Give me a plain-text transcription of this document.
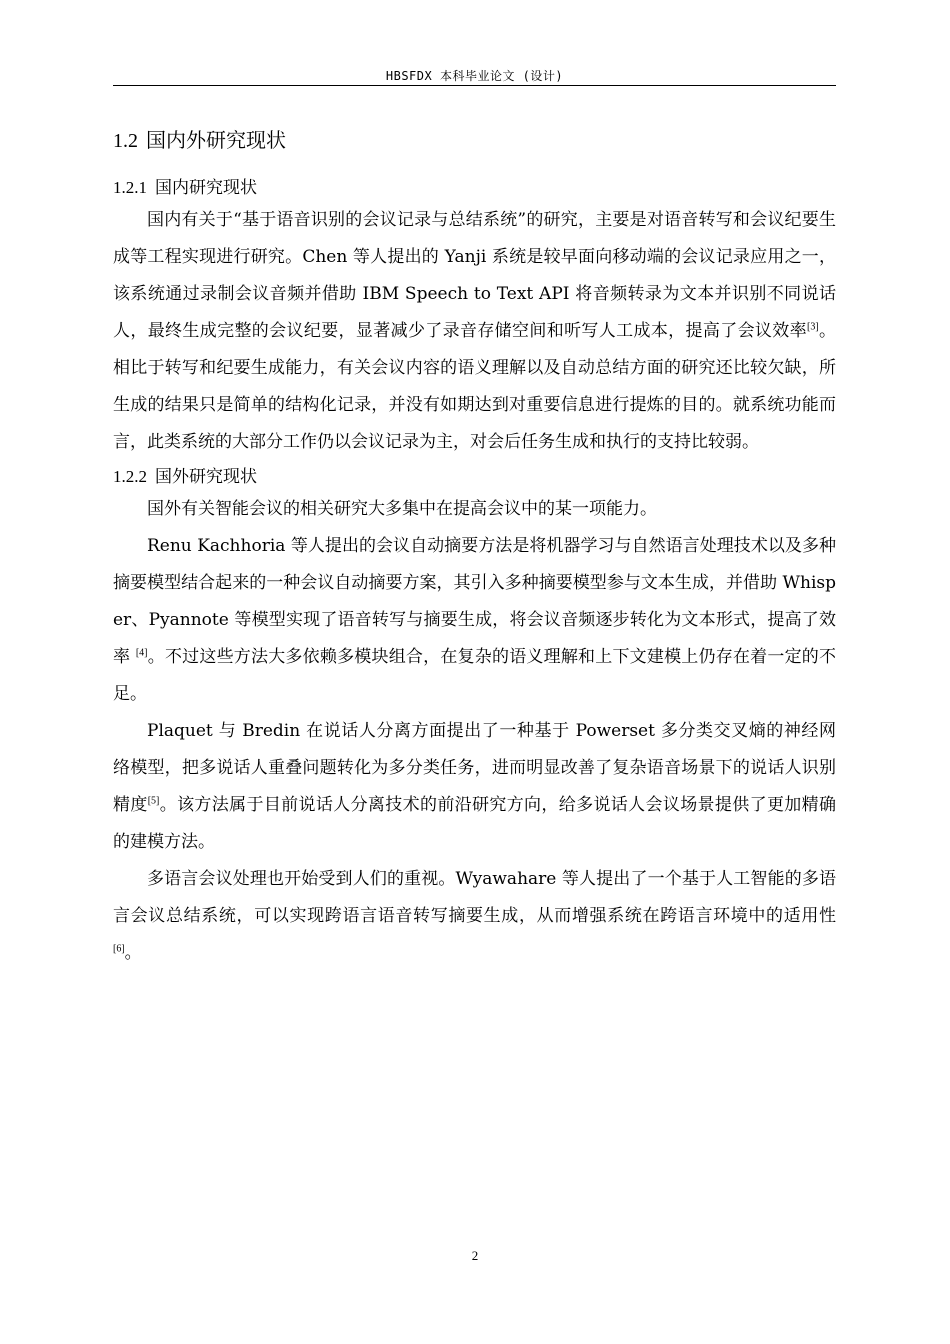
HBSFDX 本科毕业论文 (设计)
1.2 国内外研究现状
1.2.1 国内研究现状

国内有关于“基于语音识别的会议记录与总结系统”的研究，主要是对语音转写和会议纪要生成等工程实现进行研究。Chen 等人提出的 Yanji 系统是较早面向移动端的会议记录应用之一，该系统通过录制会议音频并借助 IBM Speech to Text API 将音频转录为文本并识别不同说话人，最终生成完整的会议纪要，显著减少了录音存储空间和听写人工成本，提高了会议效率[3]。相比于转写和纪要生成能力，有关会议内容的语义理解以及自动总结方面的研究还比较欠缺，所生成的结果只是简单的结构化记录，并没有如期达到对重要信息进行提炼的目的。就系统功能而言，此类系统的大部分工作仍以会议记录为主，对会后任务生成和执行的支持比较弱。

1.2.2 国外研究现状

国外有关智能会议的相关研究大多集中在提高会议中的某一项能力。

Renu Kachhoria 等人提出的会议自动摘要方法是将机器学习与自然语言处理技术以及多种摘要模型结合起来的一种会议自动摘要方案，其引入多种摘要模型参与文本生成，并借助 Whisper、Pyannote 等模型实现了语音转写与摘要生成，将会议音频逐步转化为文本形式，提高了效率 [4]。不过这些方法大多依赖多模块组合，在复杂的语义理解和上下文建模上仍存在着一定的不足。

Plaquet 与 Bredin 在说话人分离方面提出了一种基于 Powerset 多分类交叉熵的神经网络模型，把多说话人重叠问题转化为多分类任务，进而明显改善了复杂语音场景下的说话人识别精度[5]。该方法属于目前说话人分离技术的前沿研究方向，给多说话人会议场景提供了更加精确的建模方法。

多语言会议处理也开始受到人们的重视。Wyawahare 等人提出了一个基于人工智能的多语言会议总结系统，可以实现跨语言语音转写摘要生成，从而增强系统在跨语言环境中的适用性[6]。

2
